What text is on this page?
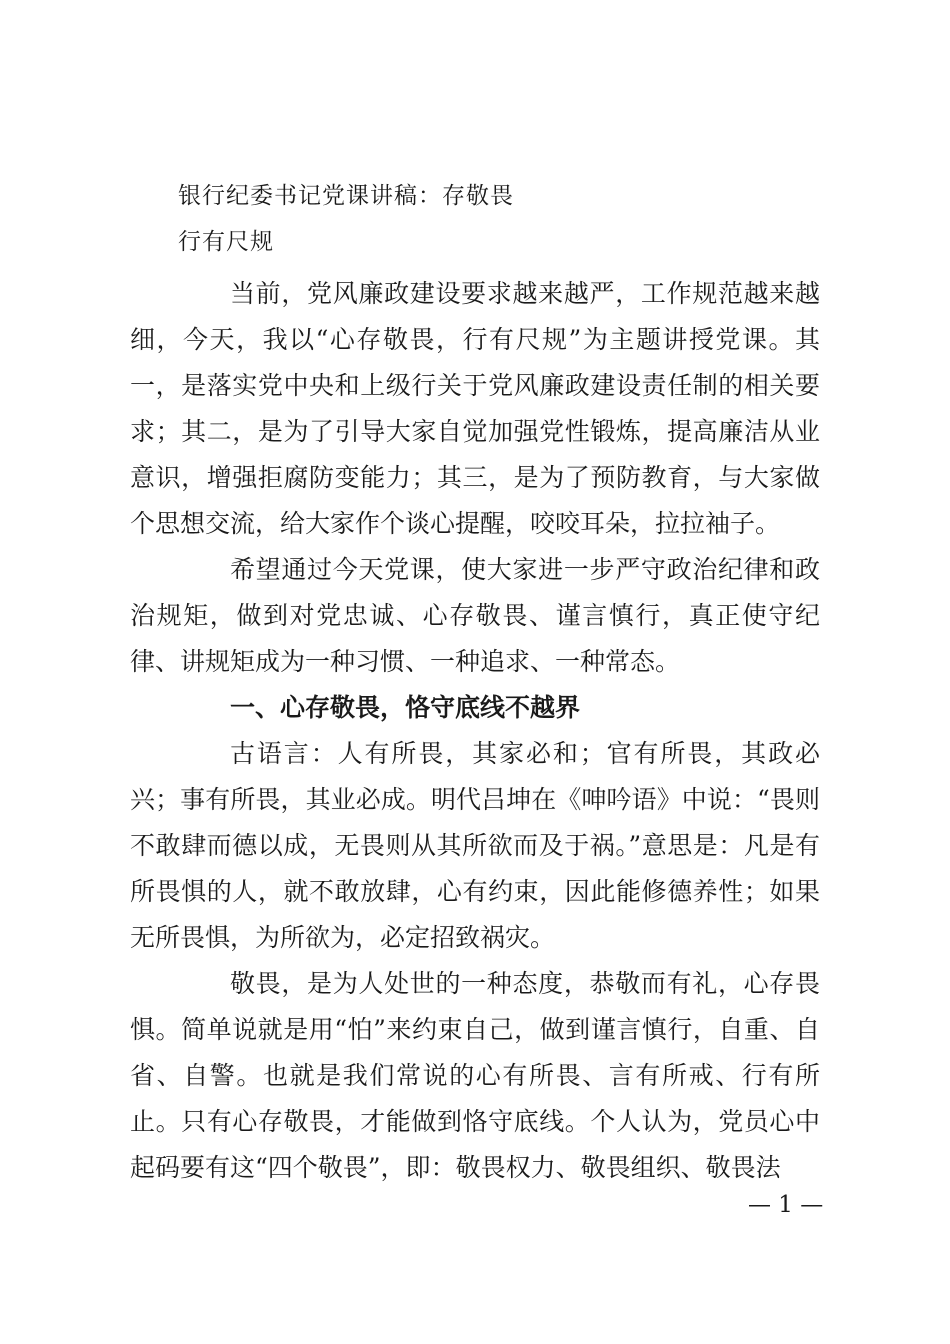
银行纪委书记党课讲稿：存敬畏
行有尺规

当前，党风廉政建设要求越来越严，工作规范越来越细，今天，我以“心存敬畏，行有尺规”为主题讲授党课。其一，是落实党中央和上级行关于党风廉政建设责任制的相关要求；其二，是为了引导大家自觉加强党性锻炼，提高廉洁从业意识，增强拒腐防变能力；其三，是为了预防教育，与大家做个思想交流，给大家作个谈心提醒，咬咬耳朵，拉拉袖子。

希望通过今天党课，使大家进一步严守政治纪律和政治规矩，做到对党忠诚、心存敬畏、谨言慎行，真正使守纪律、讲规矩成为一种习惯、一种追求、一种常态。

一、心存敬畏，恪守底线不越界

古语言：人有所畏，其家必和；官有所畏，其政必兴；事有所畏，其业必成。明代吕坤在《呻吟语》中说：“畏则不敢肆而德以成，无畏则从其所欲而及于祸。”意思是：凡是有所畏惧的人，就不敢放肆，心有约束，因此能修德养性；如果无所畏惧，为所欲为，必定招致祸灾。

敬畏，是为人处世的一种态度，恭敬而有礼，心存畏惧。简单说就是用“怕”来约束自己，做到谨言慎行，自重、自省、自警。也就是我们常说的心有所畏、言有所戒、行有所止。只有心存敬畏，才能做到恪守底线。个人认为，党员心中起码要有这“四个敬畏”，即：敬畏权力、敬畏组织、敬畏法

— 1 —
